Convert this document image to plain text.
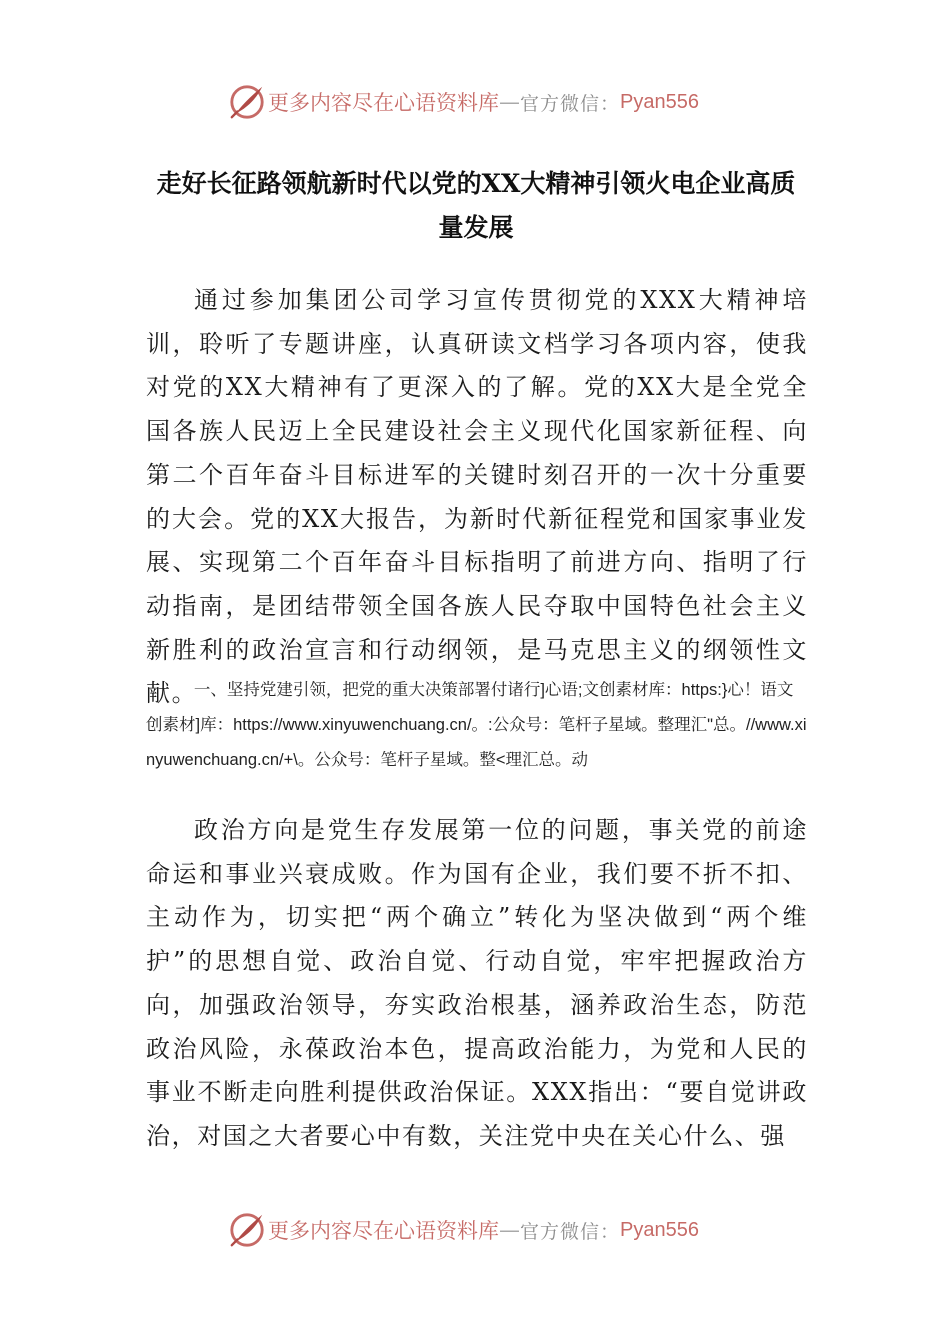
更多内容尽在心语资料库 — 官方微信： Pyan556
走好长征路领航新时代以党的XX大精神引领火电企业高质量发展

通过参加集团公司学习宣传贯彻党的XXX大精神培训，聆听了专题讲座，认真研读文档学习各项内容，使我对党的XX大精神有了更深入的了解。党的XX大是全党全国各族人民迈上全民建设社会主义现代化国家新征程、向第二个百年奋斗目标进军的关键时刻召开的一次十分重要的大会。党的XX大报告，为新时代新征程党和国家事业发展、实现第二个百年奋斗目标指明了前进方向、指明了行动指南，是团结带领全国各族人民夺取中国特色社会主义新胜利的政治宣言和行动纲领，是马克思主义的纲领性文献。

一、坚持党建引领，把党的重大决策部署付诸行]心语;文创素材库：https:}心！语文创素材]库：https://www.xinyuwenchuang.cn/。:公众号：笔杆子星域。整理汇"总。//www.xinyuwenchuang.cn/+\。公众号：笔杆子星域。整<理汇总。动

政治方向是党生存发展第一位的问题，事关党的前途命运和事业兴衰成败。作为国有企业，我们要不折不扣、主动作为，切实把“两个确立”转化为坚决做到“两个维护”的思想自觉、政治自觉、行动自觉，牢牢把握政治方向，加强政治领导，夯实政治根基，涵养政治生态，防范政治风险，永葆政治本色，提高政治能力，为党和人民的事业不断走向胜利提供政治保证。XXX指出：“要自觉讲政治，对国之大者要心中有数，关注党中央在关心什么、强

更多内容尽在心语资料库 — 官方微信： Pyan556
